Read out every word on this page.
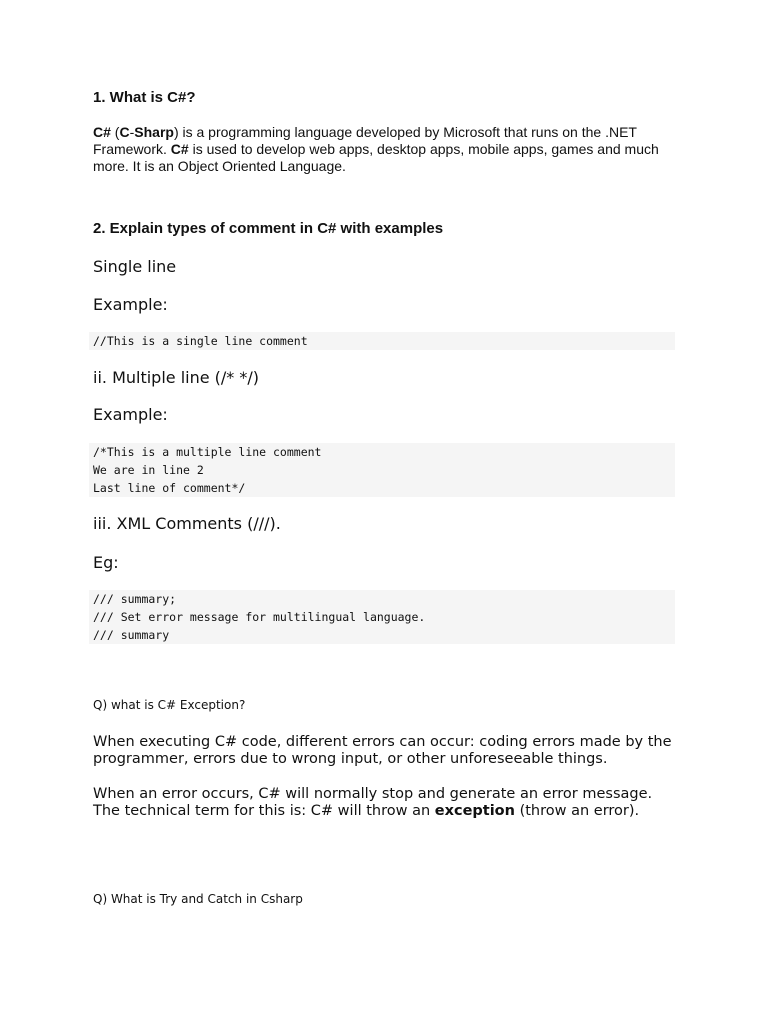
1. What is C#?
C# (C-Sharp) is a programming language developed by Microsoft that runs on the .NET Framework. C# is used to develop web apps, desktop apps, mobile apps, games and much more. It is an Object Oriented Language.
2. Explain types of comment in C# with examples
Single line
Example:
//This is a single line comment
ii. Multiple line (/* */)
Example:
/*This is a multiple line comment
We are in line 2
Last line of comment*/
iii. XML Comments (///).
Eg:
/// summary;
/// Set error message for multilingual language.
/// summary
Q) what is C# Exception?
When executing C# code, different errors can occur: coding errors made by the programmer, errors due to wrong input, or other unforeseeable things.
When an error occurs, C# will normally stop and generate an error message. The technical term for this is: C# will throw an exception (throw an error).
Q) What is Try and Catch in Csharp
